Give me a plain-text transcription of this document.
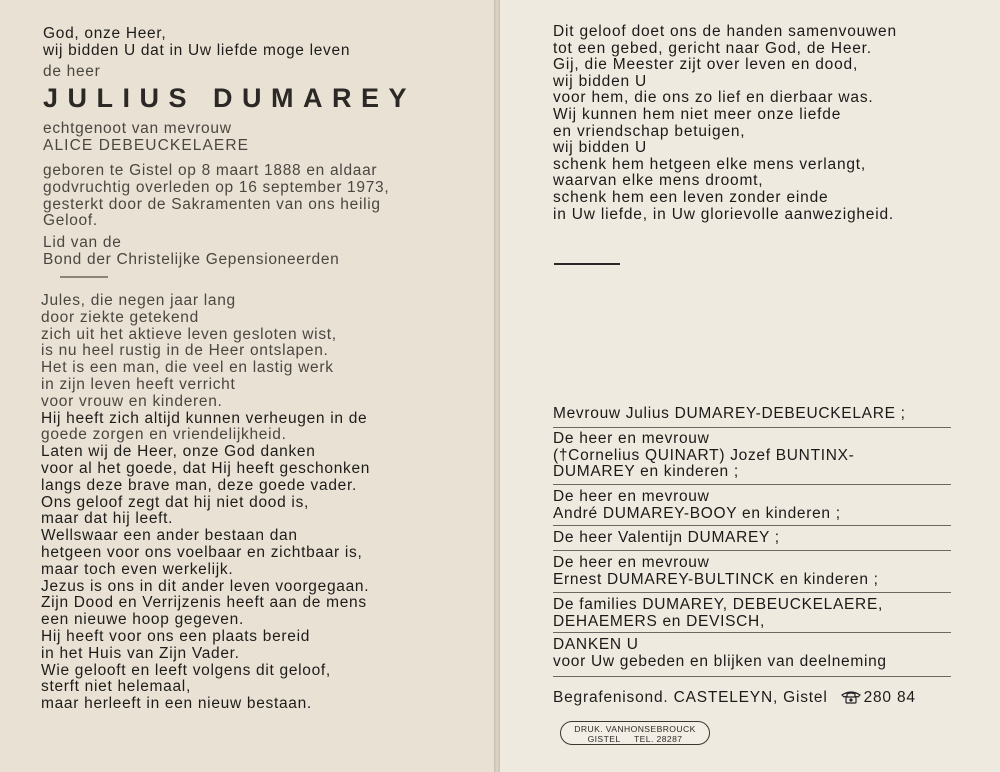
God, onze Heer,
wij bidden U dat in Uw liefde moge leven
de heer
JULIUS DUMAREY
echtgenoot van mevrouw
ALICE DEBEUCKELAERE
geboren te Gistel op 8 maart 1888 en aldaar
godvruchtig overleden op 16 september 1973,
gesterkt door de Sakramenten van ons heilig
Geloof.
Lid van de
Bond der Christelijke Gepensioneerden
Jules, die negen jaar lang
door ziekte getekend
zich uit het aktieve leven gesloten wist,
is nu heel rustig in de Heer ontslapen.
Het is een man, die veel en lastig werk
in zijn leven heeft verricht
voor vrouw en kinderen.
Hij heeft zich altijd kunnen verheugen in de
goede zorgen en vriendelijkheid.
Laten wij de Heer, onze God danken
voor al het goede, dat Hij heeft geschonken
langs deze brave man, deze goede vader.
Ons geloof zegt dat hij niet dood is,
maar dat hij leeft.
Wellswaar een ander bestaan dan
hetgeen voor ons voelbaar en zichtbaar is,
maar toch even werkelijk.
Jezus is ons in dit ander leven voorgegaan.
Zijn Dood en Verrijzenis heeft aan de mens
een nieuwe hoop gegeven.
Hij heeft voor ons een plaats bereid
in het Huis van Zijn Vader.
Wie gelooft en leeft volgens dit geloof,
sterft niet helemaal,
maar herleeft in een nieuw bestaan.
Dit geloof doet ons de handen samenvouwen
tot een gebed, gericht naar God, de Heer.
Gij, die Meester zijt over leven en dood,
wij bidden U
voor hem, die ons zo lief en dierbaar was.
Wij kunnen hem niet meer onze liefde
en vriendschap betuigen,
wij bidden U
schenk hem hetgeen elke mens verlangt,
waarvan elke mens droomt,
schenk hem een leven zonder einde
in Uw liefde, in Uw glorievolle aanwezigheid.
Mevrouw Julius DUMAREY-DEBEUCKELARE ;
De heer en mevrouw
(†Cornelius QUINART) Jozef BUNTINX-
DUMAREY en kinderen ;
De heer en mevrouw
André DUMAREY-BOOY en kinderen ;
De heer Valentijn DUMAREY ;
De heer en mevrouw
Ernest DUMAREY-BULTINCK en kinderen ;
De families DUMAREY, DEBEUCKELAERE,
DEHAEMERS en DEVISCH,
DANKEN U
voor Uw gebeden en blijken van deelneming
Begrafenisond. CASTELEYN, Gistel 280 84
DRUK. VANHONSEBROUCK
GISTEL     TEL. 28287
